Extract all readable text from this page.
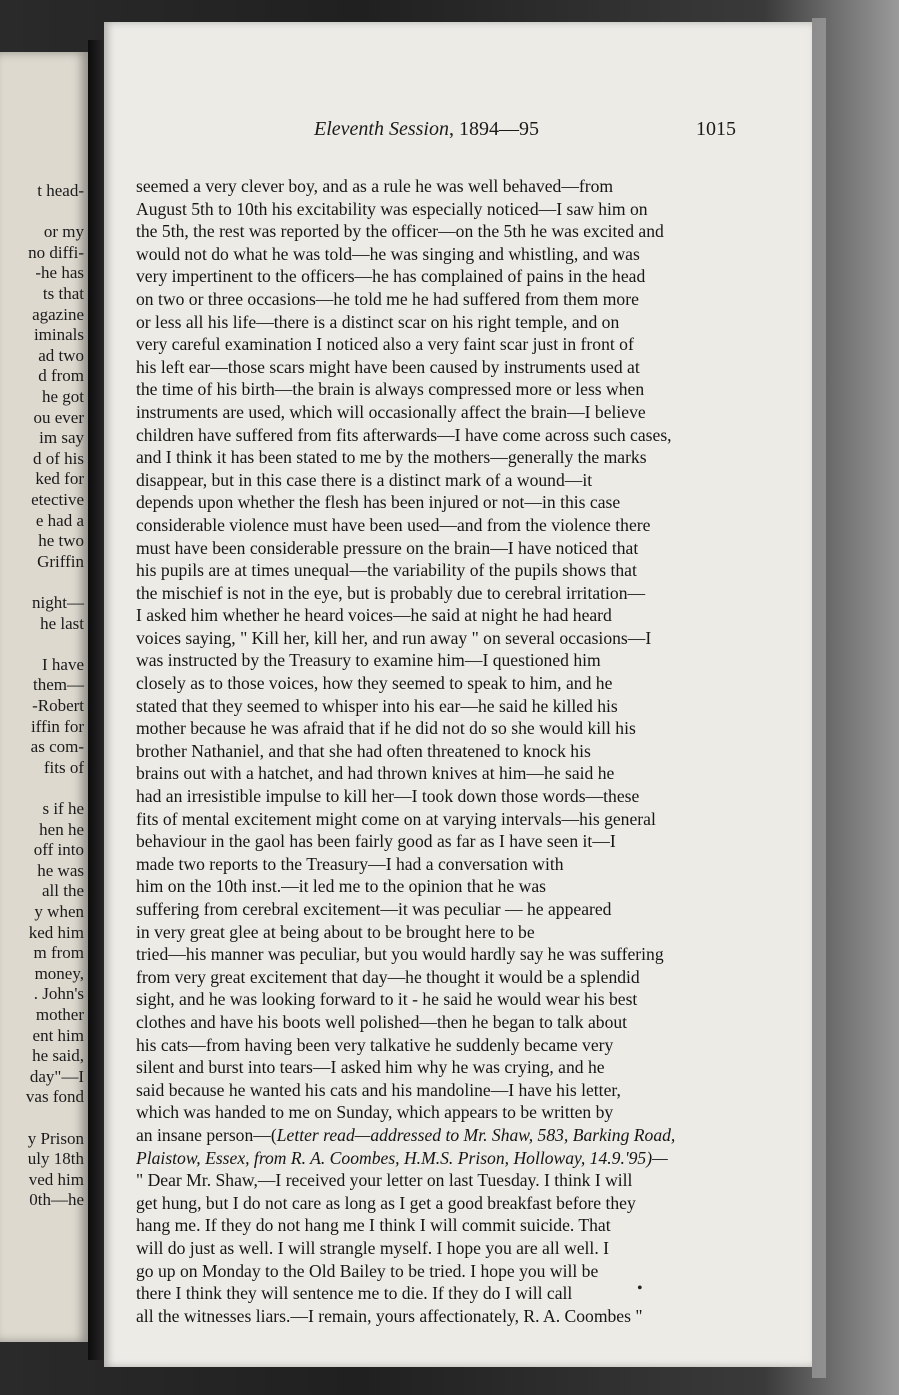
t head-
or my
no diffi-
-he has
ts that
agazine
iminals
ad two
d from
he got
ou ever
im say
d of his
ked for
etective
e had a
he two
Griffin
night—
he last
I have
them—
-Robert
iffin for
as com-
fits of
s if he
hen he
off into
he was
all the
y when
ked him
m from
money,
. John's
mother
ent him
he said,
day"—I
vas fond
y Prison
uly 18th
ved him
0th—he
Eleventh Session, 1894—95	1015
seemed a very clever boy, and as a rule he was well behaved—from
August 5th to 10th his excitability was especially noticed—I saw him on
the 5th, the rest was reported by the officer—on the 5th he was excited and
would not do what he was told—he was singing and whistling, and was
very impertinent to the officers—he has complained of pains in the head
on two or three occasions—he told me he had suffered from them more
or less all his life—there is a distinct scar on his right temple, and on
very careful examination I noticed also a very faint scar just in front of
his left ear—those scars might have been caused by instruments used at
the time of his birth—the brain is always compressed more or less when
instruments are used, which will occasionally affect the brain—I believe
children have suffered from fits afterwards—I have come across such cases,
and I think it has been stated to me by the mothers—generally the marks
disappear, but in this case there is a distinct mark of a wound—it
depends upon whether the flesh has been injured or not—in this case
considerable violence must have been used—and from the violence there
must have been considerable pressure on the brain—I have noticed that
his pupils are at times unequal—the variability of the pupils shows that
the mischief is not in the eye, but is probably due to cerebral irritation—
I asked him whether he heard voices—he said at night he had heard
voices saying, " Kill her, kill her, and run away " on several occasions—I
was instructed by the Treasury to examine him—I questioned him
closely as to those voices, how they seemed to speak to him, and he
stated that they seemed to whisper into his ear—he said he killed his
mother because he was afraid that if he did not do so she would kill his
brother Nathaniel, and that she had often threatened to knock his
brains out with a hatchet, and had thrown knives at him—he said he
had an irresistible impulse to kill her—I took down those words—these
fits of mental excitement might come on at varying intervals—his general
behaviour in the gaol has been fairly good as far as I have seen it—I
made two reports to the Treasury—I had a conversation with
him on the 10th inst.—it led me to the opinion that he was
suffering from cerebral excitement—it was peculiar — he appeared
in very great glee at being about to be brought here to be
tried—his manner was peculiar, but you would hardly say he was suffering
from very great excitement that day—he thought it would be a splendid
sight, and he was looking forward to it - he said he would wear his best
clothes and have his boots well polished—then he began to talk about
his cats—from having been very talkative he suddenly became very
silent and burst into tears—I asked him why he was crying, and he
said because he wanted his cats and his mandoline—I have his letter,
which was handed to me on Sunday, which appears to be written by
an insane person—(Letter read—addressed to Mr. Shaw, 583, Barking Road,
Plaistow, Essex, from R. A. Coombes, H.M.S. Prison, Holloway, 14.9.'95)—
" Dear Mr. Shaw,—I received your letter on last Tuesday. I think I will
get hung, but I do not care as long as I get a good breakfast before they
hang me. If they do not hang me I think I will commit suicide. That
will do just as well. I will strangle myself. I hope you are all well. I
go up on Monday to the Old Bailey to be tried. I hope you will be
there I think they will sentence me to die. If they do I will call
all the witnesses liars.—I remain, yours affectionately, R. A. Coombes "
•
